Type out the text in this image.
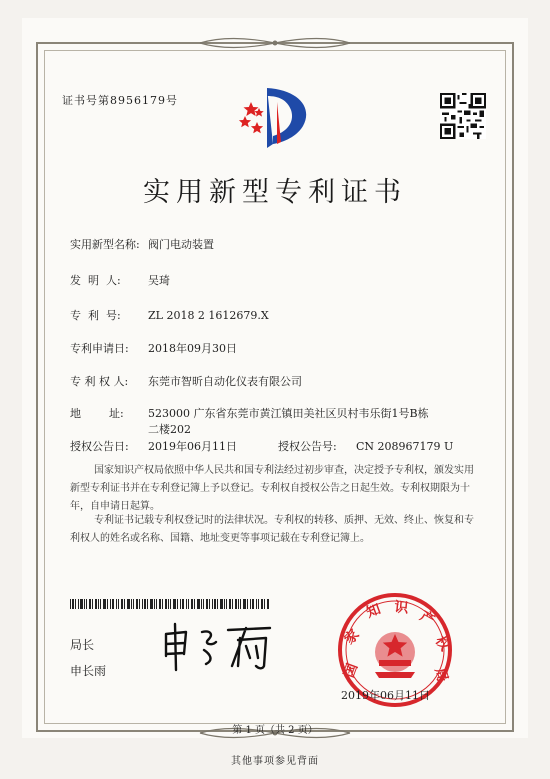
证书号第8956179号
实用新型专利证书
实用新型名称: 阀门电动装置
发  明  人: 吴琦
专  利  号: ZL 2018 2 1612679.X
专利申请日: 2018年09月30日
专 利 权 人: 东莞市智昕自动化仪表有限公司
地        址: 523000 广东省东莞市黄江镇田美社区贝村韦乐街1号B栋
二楼202
授权公告日: 2019年06月11日	授权公告号: CN 208967179 U
国家知识产权局依照中华人民共和国专利法经过初步审查，决定授予专利权，颁发实用
新型专利证书并在专利登记簿上予以登记。专利权自授权公告之日起生效。专利权期限为十
年，自申请日起算。
专利证书记载专利权登记时的法律状况。专利权的转移、质押、无效、终止、恢复和专
利权人的姓名或名称、国籍、地址变更等事项记载在专利登记簿上。
局长
申长雨	国
家
知 识
产
权
局
2019年06月11日
第 1 页（共 2 页）
其他事项参见背面
